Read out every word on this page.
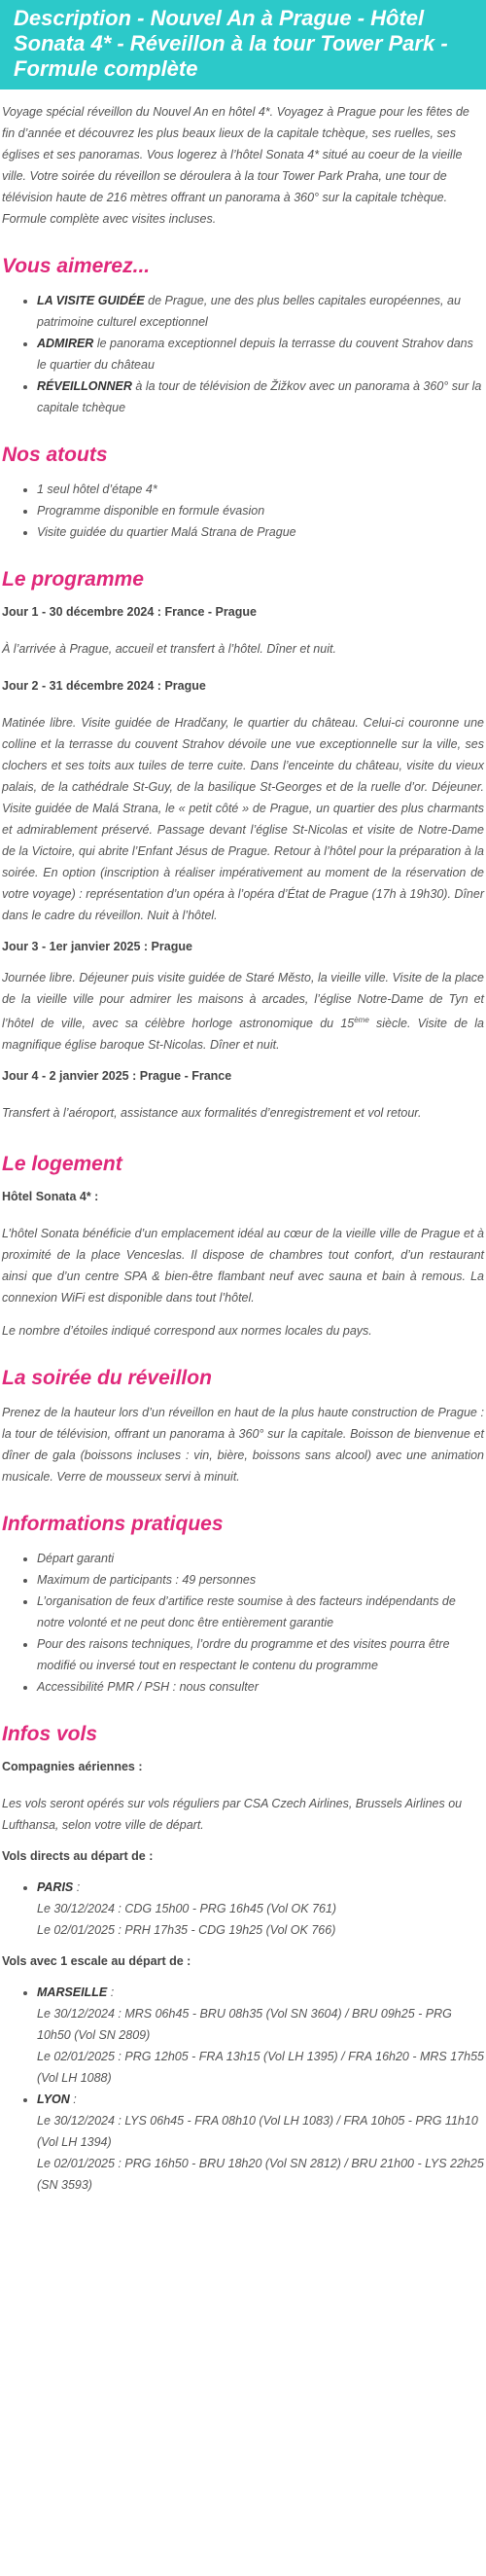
Description - Nouvel An à Prague - Hôtel Sonata 4* - Réveillon à la tour Tower Park - Formule complète

Voyage spécial réveillon du Nouvel An en hôtel 4*. Voyagez à Prague pour les fêtes de fin d’année et découvrez les plus beaux lieux de la capitale tchèque, ses ruelles, ses églises et ses panoramas. Vous logerez à l’hôtel Sonata 4* situé au coeur de la vieille ville. Votre soirée du réveillon se déroulera à la tour Tower Park Praha, une tour de télévision haute de 216 mètres offrant un panorama à 360° sur la capitale tchèque. Formule complète avec visites incluses.

Vous aimerez...
• LA VISITE GUIDÉE de Prague, une des plus belles capitales européennes, au patrimoine culturel exceptionnel
• ADMIRER le panorama exceptionnel depuis la terrasse du couvent Strahov dans le quartier du château
• RÉVEILLONNER à la tour de télévision de Žižkov avec un panorama à 360° sur la capitale tchèque
Nos atouts
• 1 seul hôtel d’étape 4*
• Programme disponible en formule évasion
• Visite guidée du quartier Malá Strana de Prague
Le programme
Jour 1 - 30 décembre 2024 : France - Prague

À l’arrivée à Prague, accueil et transfert à l’hôtel. Dîner et nuit.

Jour 2 - 31 décembre 2024 : Prague

Matinée libre. Visite guidée de Hradčany, le quartier du château. Celui-ci couronne une colline et la terrasse du couvent Strahov dévoile une vue exceptionnelle sur la ville, ses clochers et ses toits aux tuiles de terre cuite. Dans l’enceinte du château, visite du vieux palais, de la cathédrale St-Guy, de la basilique St-Georges et de la ruelle d’or. Déjeuner. Visite guidée de Malá Strana, le « petit côté » de Prague, un quartier des plus charmants et admirablement préservé. Passage devant l’église St-Nicolas et visite de Notre-Dame de la Victoire, qui abrite l’Enfant Jésus de Prague. Retour à l’hôtel pour la préparation à la soirée. En option (inscription à réaliser impérativement au moment de la réservation de votre voyage) : représentation d’un opéra à l’opéra d’État de Prague (17h à 19h30). Dîner dans le cadre du réveillon. Nuit à l’hôtel.

Jour 3 - 1er janvier 2025 : Prague

Journée libre. Déjeuner puis visite guidée de Staré Město, la vieille ville. Visite de la place de la vieille ville pour admirer les maisons à arcades, l’église Notre-Dame de Tyn et l’hôtel de ville, avec sa célèbre horloge astronomique du 15ème siècle. Visite de la magnifique église baroque St-Nicolas. Dîner et nuit.

Jour 4 - 2 janvier 2025 : Prague - France

Transfert à l’aéroport, assistance aux formalités d’enregistrement et vol retour.

Le logement
Hôtel Sonata 4* :

L’hôtel Sonata bénéficie d’un emplacement idéal au cœur de la vieille ville de Prague et à proximité de la place Venceslas. Il dispose de chambres tout confort, d’un restaurant ainsi que d’un centre SPA & bien-être flambant neuf avec sauna et bain à remous. La connexion WiFi est disponible dans tout l’hôtel.

Le nombre d’étoiles indiqué correspond aux normes locales du pays.

La soirée du réveillon

Prenez de la hauteur lors d’un réveillon en haut de la plus haute construction de Prague : la tour de télévision, offrant un panorama à 360° sur la capitale. Boisson de bienvenue et dîner de gala (boissons incluses : vin, bière, boissons sans alcool) avec une animation musicale. Verre de mousseux servi à minuit.

Informations pratiques
• Départ garanti
• Maximum de participants : 49 personnes
• L’organisation de feux d’artifice reste soumise à des facteurs indépendants de notre volonté et ne peut donc être entièrement garantie
• Pour des raisons techniques, l’ordre du programme et des visites pourra être modifié ou inversé tout en respectant le contenu du programme
• Accessibilité PMR / PSH : nous consulter
Infos vols
Compagnies aériennes :

Les vols seront opérés sur vols réguliers par CSA Czech Airlines, Brussels Airlines ou Lufthansa, selon votre ville de départ.

Vols directs au départ de :
• PARIS :
Le 30/12/2024 : CDG 15h00 - PRG 16h45 (Vol OK 761)
Le 02/01/2025 : PRH 17h35 - CDG 19h25 (Vol OK 766)
Vols avec 1 escale au départ de :
• MARSEILLE :
Le 30/12/2024 : MRS 06h45 - BRU 08h35 (Vol SN 3604) / BRU 09h25 - PRG 10h50 (Vol SN 2809)
Le 02/01/2025 : PRG 12h05 - FRA 13h15 (Vol LH 1395) / FRA 16h20 - MRS 17h55 (Vol LH 1088)
• LYON :
Le 30/12/2024 : LYS 06h45 - FRA 08h10 (Vol LH 1083) / FRA 10h05 - PRG 11h10 (Vol LH 1394)
Le 02/01/2025 : PRG 16h50 - BRU 18h20 (Vol SN 2812) / BRU 21h00 - LYS 22h25 (SN 3593)
